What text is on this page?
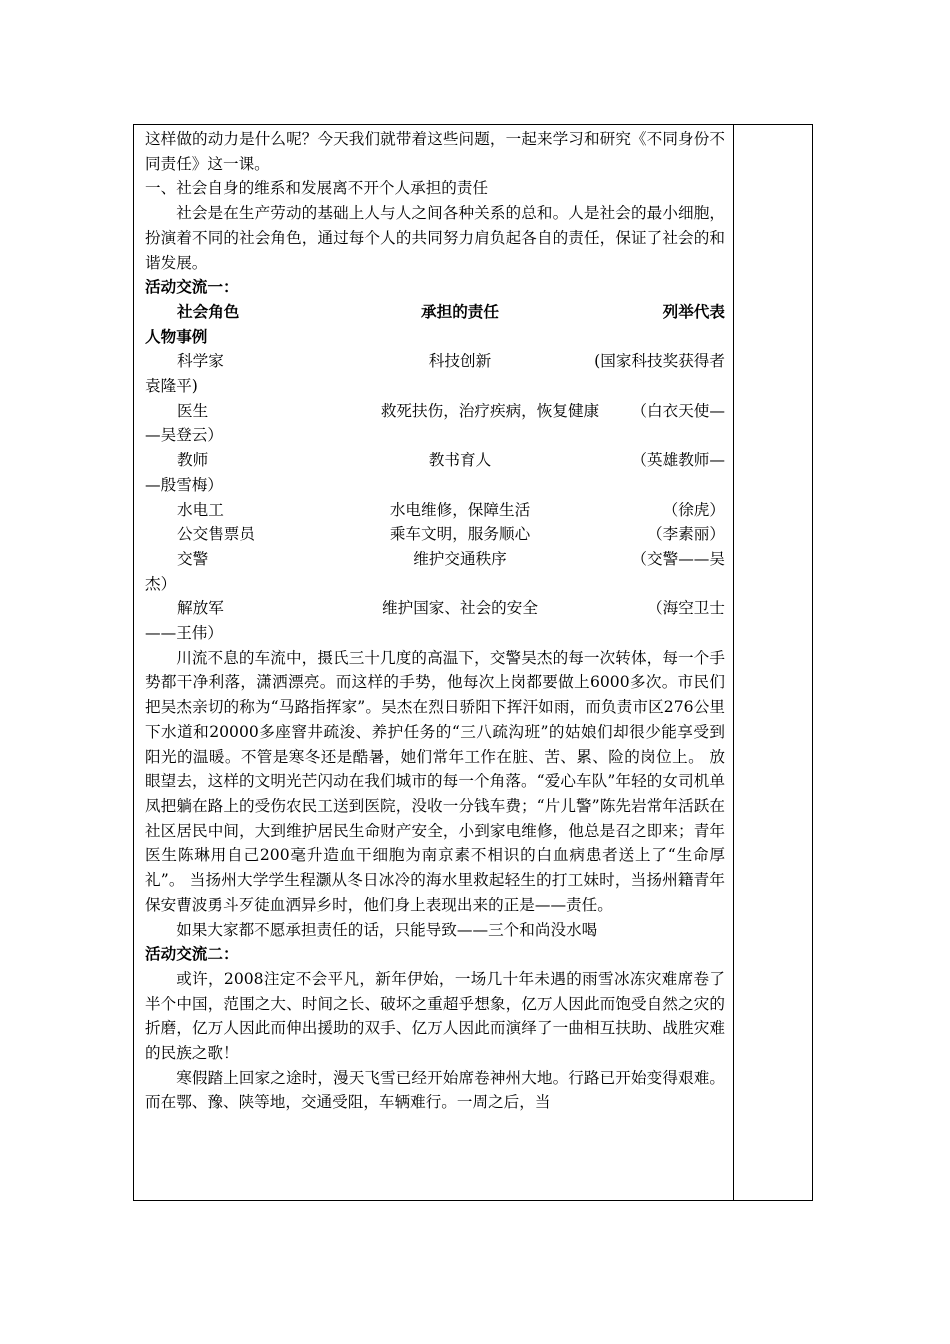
这样做的动力是什么呢？今天我们就带着这些问题，一起来学习和研究《不同身份不同责任》这一课。

一、社会自身的维系和发展离不开个人承担的责任

社会是在生产劳动的基础上人与人之间各种关系的总和。人是社会的最小细胞，扮演着不同的社会角色，通过每个人的共同努力肩负起各自的责任，保证了社会的和谐发展。

活动交流一：

社会角色	承担的责任	列举代表

人物事例

科学家	科技创新	(国家科技奖获得者

袁隆平)

医生	救死扶伤，治疗疾病，恢复健康	（白衣天使—

—吴登云）

教师	教书育人	（英雄教师—

—殷雪梅）

水电工	水电维修，保障生活	（徐虎）
公交售票员	乘车文明，服务顺心	（李素丽）
交警	维护交通秩序	（交警——吴

杰）

解放军	维护国家、社会的安全	（海空卫士

——王伟）

川流不息的车流中，摄氏三十几度的高温下，交警吴杰的每一次转体，每一个手势都干净利落，潇洒漂亮。而这样的手势，他每次上岗都要做上6000多次。市民们把吴杰亲切的称为“马路指挥家”。吴杰在烈日骄阳下挥汗如雨，而负责市区276公里下水道和20000多座窨井疏浚、养护任务的“三八疏沟班”的姑娘们却很少能享受到阳光的温暖。不管是寒冬还是酷暑，她们常年工作在脏、苦、累、险的岗位上。 放眼望去，这样的文明光芒闪动在我们城市的每一个角落。“爱心车队”年轻的女司机单凤把躺在路上的受伤农民工送到医院，没收一分钱车费；“片儿警”陈先岩常年活跃在社区居民中间，大到维护居民生命财产安全，小到家电维修，他总是召之即来；青年医生陈琳用自己200毫升造血干细胞为南京素不相识的白血病患者送上了“生命厚礼”。 当扬州大学学生程灏从冬日冰冷的海水里救起轻生的打工妹时，当扬州籍青年保安曹波勇斗歹徒血洒异乡时，他们身上表现出来的正是——责任。

如果大家都不愿承担责任的话，只能导致——三个和尚没水喝

活动交流二：

或许，2008注定不会平凡，新年伊始，一场几十年未遇的雨雪冰冻灾难席卷了半个中国，范围之大、时间之长、破坏之重超乎想象，亿万人因此而饱受自然之灾的折磨，亿万人因此而伸出援助的双手、亿万人因此而演绎了一曲相互扶助、战胜灾难的民族之歌！

寒假踏上回家之途时，漫天飞雪已经开始席卷神州大地。行路已开始变得艰难。而在鄂、豫、陕等地，交通受阻，车辆难行。一周之后，当
